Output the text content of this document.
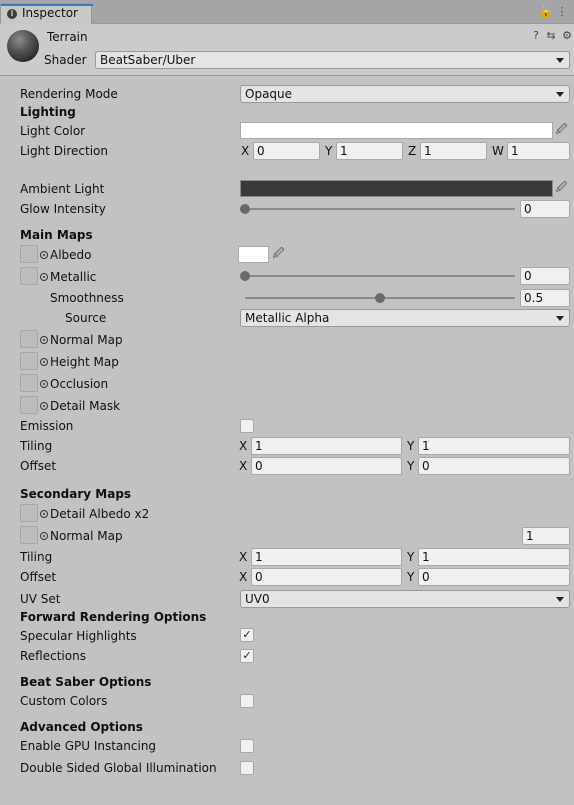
i Inspector	🔓 ⋮
Terrain	? ⇆ ⚙
Shader	BeatSaber/Uber
Rendering Mode	Opaque
Lighting
Light Color	🖉
Light Direction	X 0	Y 1	Z 1	W 1
Ambient Light	🖉
Glow Intensity	0
Main Maps
Albedo	🖉
Metallic	0
Smoothness	0.5
Source	Metallic Alpha
Normal Map
Height Map
Occlusion
Detail Mask
Emission
Tiling	X 1	Y 1
Offset	X 0	Y 0
Secondary Maps
Detail Albedo x2
Normal Map	1
Tiling	X 1	Y 1
Offset	X 0	Y 0
UV Set	UV0
Forward Rendering Options
Specular Highlights	✓
Reflections	✓
Beat Saber Options
Custom Colors
Advanced Options
Enable GPU Instancing
Double Sided Global Illumination
